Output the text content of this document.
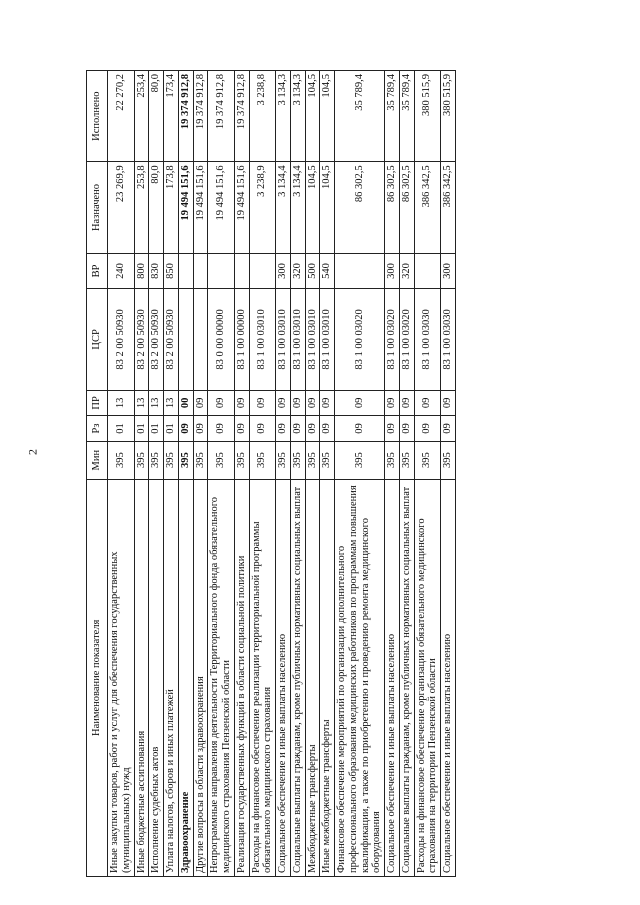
2
Наименование показателя	Мин	Рз	ПР	ЦСР	ВР	Назначено	Исполнено
Иные закупки товаров, работ и услуг для обеспечения государственных (муниципальных) нужд	395	01	13	83 2 00 50930	240	23 269,9	22 270,2
Иные бюджетные ассигнования	395	01	13	83 2 00 50930	800	253,8	253,4
Исполнение судебных актов	395	01	13	83 2 00 50930	830	80,0	80,0
Уплата налогов, сборов и иных платежей	395	01	13	83 2 00 50930	850	173,8	173,4
Здравоохранение	395	09	00			19 494 151,6	19 374 912,8
Другие вопросы в области здравоохранения	395	09	09			19 494 151,6	19 374 912,8
Непрограммные направления деятельности Территориального фонда обязательного медицинского страхования Пензенской области	395	09	09	83 0 00 00000		19 494 151,6	19 374 912,8
Реализация государственных функций в области социальной политики	395	09	09	83 1 00 00000		19 494 151,6	19 374 912,8
Расходы на финансовое обеспечение реализации территориальной программы обязательного медицинского страхования	395	09	09	83 1 00 03010		3 238,9	3 238,8
Социальное обеспечение и иные выплаты населению	395	09	09	83 1 00 03010	300	3 134,4	3 134,3
Социальные выплаты гражданам, кроме публичных нормативных социальных выплат	395	09	09	83 1 00 03010	320	3 134,4	3 134,3
Межбюджетные трансферты	395	09	09	83 1 00 03010	500	104,5	104,5
Иные межбюджетные трансферты	395	09	09	83 1 00 03010	540	104,5	104,5
Финансовое обеспечение мероприятий по организации дополнительного профессионального образования медицинских работников по программам повышения квалификации, а также по приобретению и проведению ремонта медицинского оборудования	395	09	09	83 1 00 03020		86 302,5	35 789,4
Социальное обеспечение и иные выплаты населению	395	09	09	83 1 00 03020	300	86 302,5	35 789,4
Социальные выплаты гражданам, кроме публичных нормативных социальных выплат	395	09	09	83 1 00 03020	320	86 302,5	35 789,4
Расходы на финансовое обеспечение организации обязательного медицинского страхования на территории Пензенской области	395	09	09	83 1 00 03030		386 342,5	380 515,9
Социальное обеспечение и иные выплаты населению	395	09	09	83 1 00 03030	300	386 342,5	380 515,9
